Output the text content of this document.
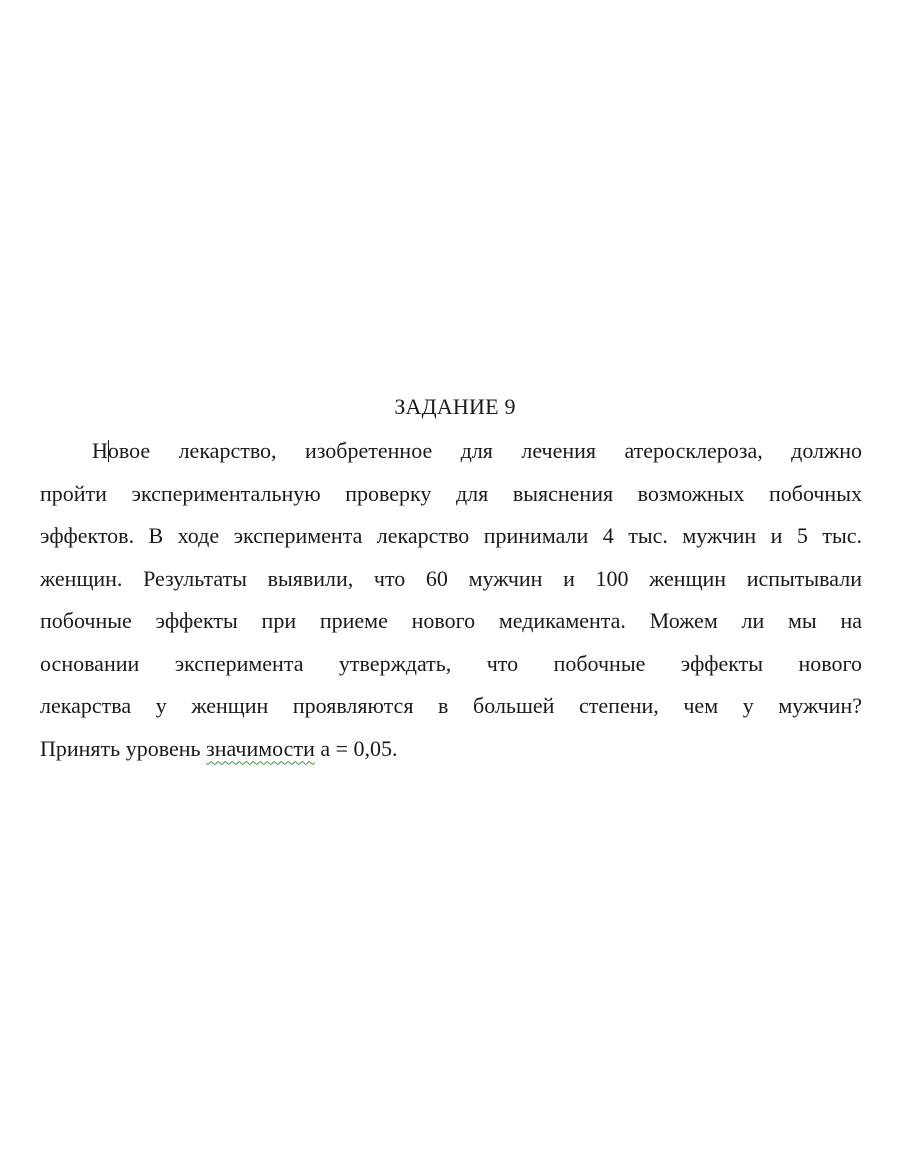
ЗАДАНИЕ 9
Новое лекарство, изобретенное для лечения атеросклероза, должно
пройти экспериментальную проверку для выяснения возможных побочных
эффектов. В ходе эксперимента лекарство принимали 4 тыс. мужчин и 5 тыс.
женщин. Результаты выявили, что 60 мужчин и 100 женщин испытывали
побочные эффекты при приеме нового медикамента. Можем ли мы на
основании эксперимента утверждать, что побочные эффекты нового
лекарства у женщин проявляются в большей степени, чем у мужчин?
Принять уровень значимости а = 0,05.
